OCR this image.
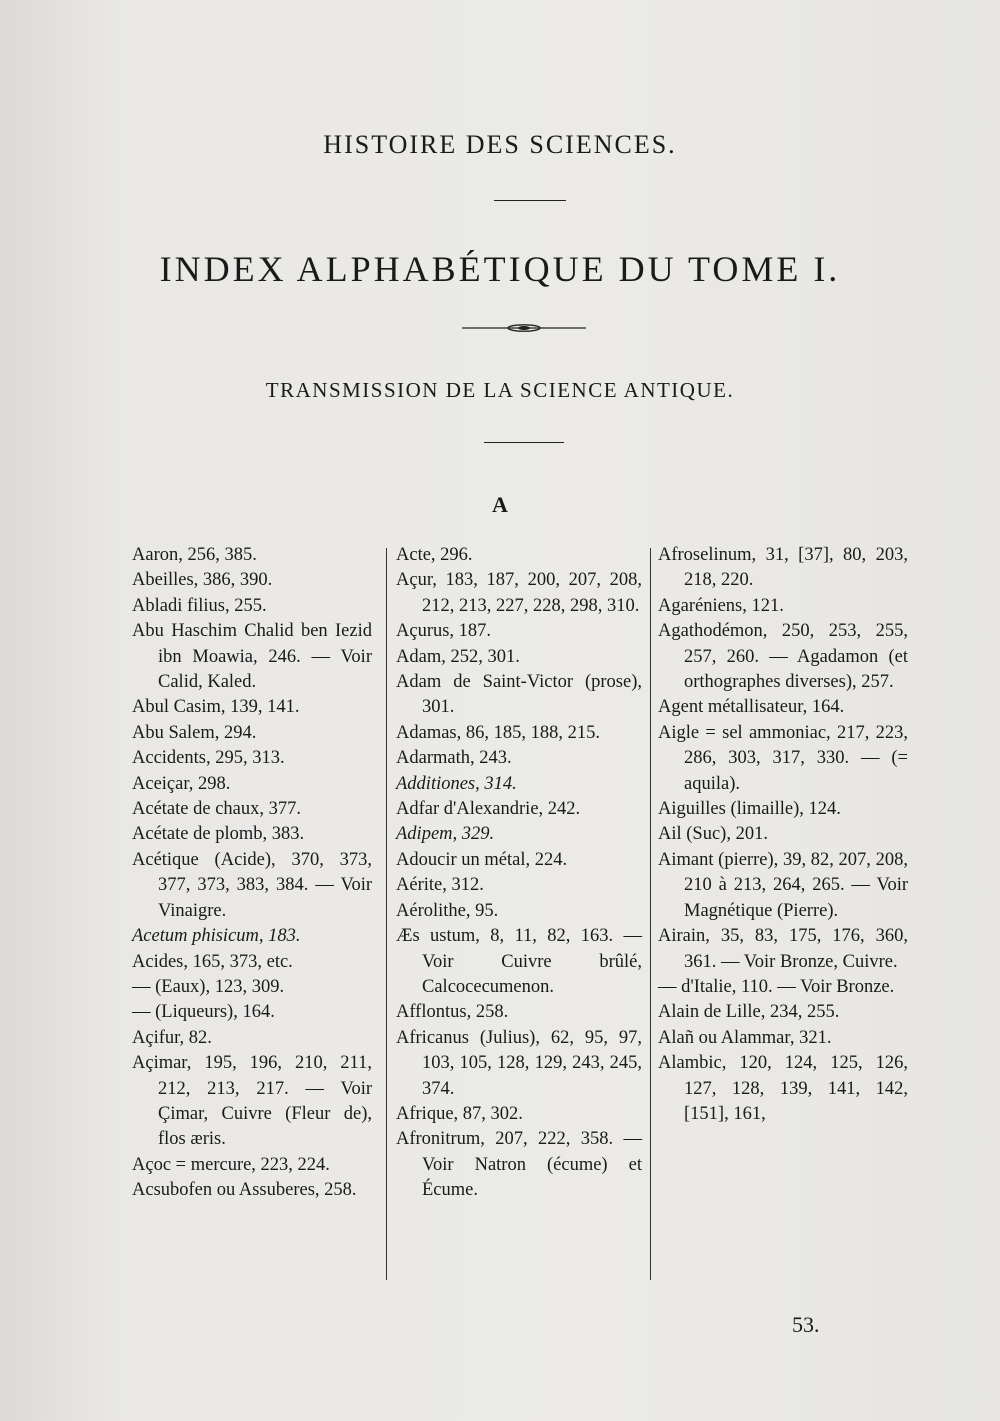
HISTOIRE DES SCIENCES.
INDEX ALPHABÉTIQUE DU TOME I.
TRANSMISSION DE LA SCIENCE ANTIQUE.
A
Aaron, 256, 385.
Abeilles, 386, 390.
Abladi filius, 255.
Abu Haschim Chalid ben Iezid ibn Moawia, 246. — Voir Calid, Kaled.
Abul Casim, 139, 141.
Abu Salem, 294.
Accidents, 295, 313.
Aceiçar, 298.
Acétate de chaux, 377.
Acétate de plomb, 383.
Acétique (Acide), 370, 373, 377, 373, 383, 384. — Voir Vinaigre.
Acetum phisicum, 183.
Acides, 165, 373, etc.
— (Eaux), 123, 309.
— (Liqueurs), 164.
Açifur, 82.
Açimar, 195, 196, 210, 211, 212, 213, 217. — Voir Çimar, Cuivre (Fleur de), flos æris.
Açoc = mercure, 223, 224.
Acsubofen ou Assuberes, 258.
Acte, 296.
Açur, 183, 187, 200, 207, 208, 212, 213, 227, 228, 298, 310.
Açurus, 187.
Adam, 252, 301.
Adam de Saint-Victor (prose), 301.
Adamas, 86, 185, 188, 215.
Adarmath, 243.
Additiones, 314.
Adfar d'Alexandrie, 242.
Adipem, 329.
Adoucir un métal, 224.
Aérite, 312.
Aérolithe, 95.
Æs ustum, 8, 11, 82, 163. — Voir Cuivre brûlé, Calcocecumenon.
Afflontus, 258.
Africanus (Julius), 62, 95, 97, 103, 105, 128, 129, 243, 245, 374.
Afrique, 87, 302.
Afronitrum, 207, 222, 358. — Voir Natron (écume) et Écume.
Afroselinum, 31, [37], 80, 203, 218, 220.
Agaréniens, 121.
Agathodémon, 250, 253, 255, 257, 260. — Agadamon (et orthographes diverses), 257.
Agent métallisateur, 164.
Aigle = sel ammoniac, 217, 223, 286, 303, 317, 330. — (= aquila).
Aiguilles (limaille), 124.
Ail (Suc), 201.
Aimant (pierre), 39, 82, 207, 208, 210 à 213, 264, 265. — Voir Magnétique (Pierre).
Airain, 35, 83, 175, 176, 360, 361. — Voir Bronze, Cuivre.
— d'Italie, 110. — Voir Bronze.
Alain de Lille, 234, 255.
Alañ ou Alammar, 321.
Alambic, 120, 124, 125, 126, 127, 128, 139, 141, 142, [151], 161,
53.
